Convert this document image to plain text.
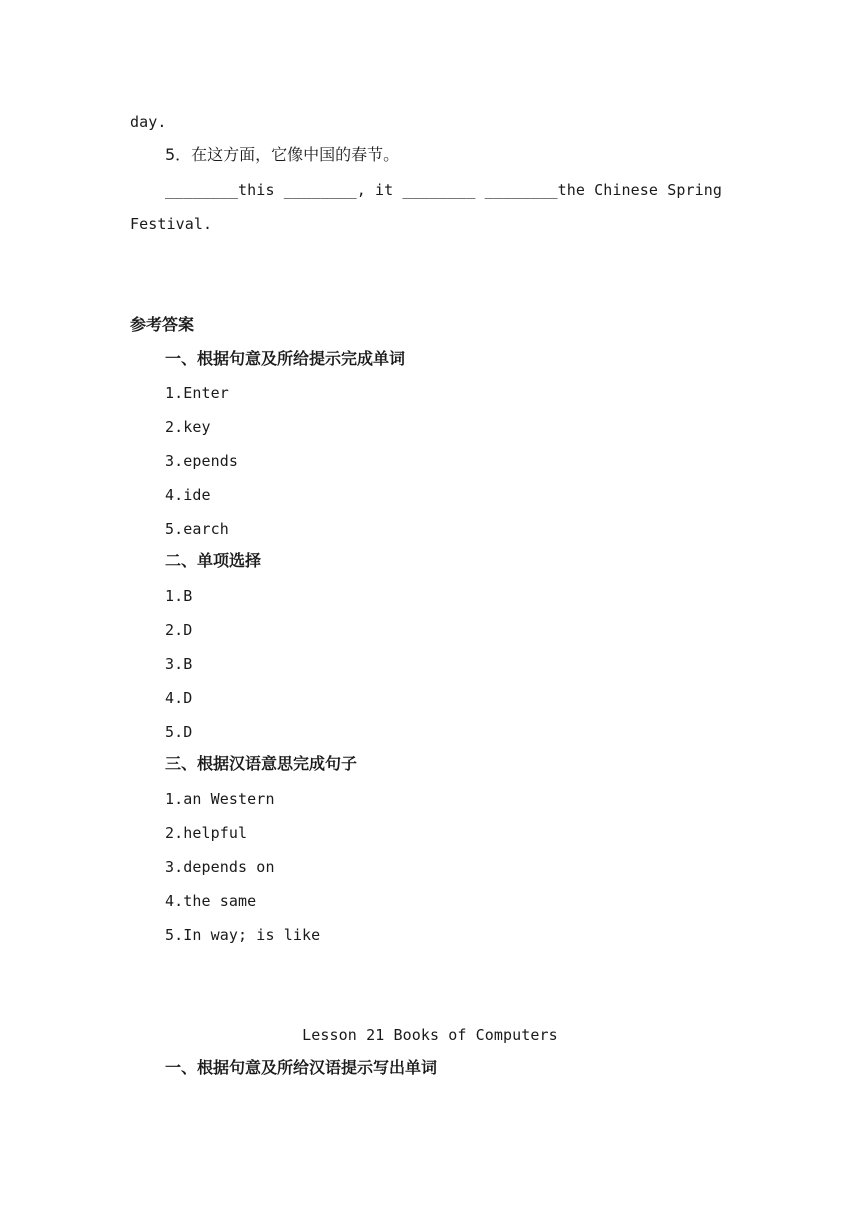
day.
5．在这方面，它像中国的春节。
________this ________, it ________ ________the Chinese Spring
Festival.
参考答案
一、根据句意及所给提示完成单词
1.Enter
2.key
3.epends
4.ide
5.earch
二、单项选择
1.B
2.D
3.B
4.D
5.D
三、根据汉语意思完成句子
1.an Western
2.helpful
3.depends on
4.the same
5.In way; is like
Lesson 21 Books of Computers
一、根据句意及所给汉语提示写出单词
